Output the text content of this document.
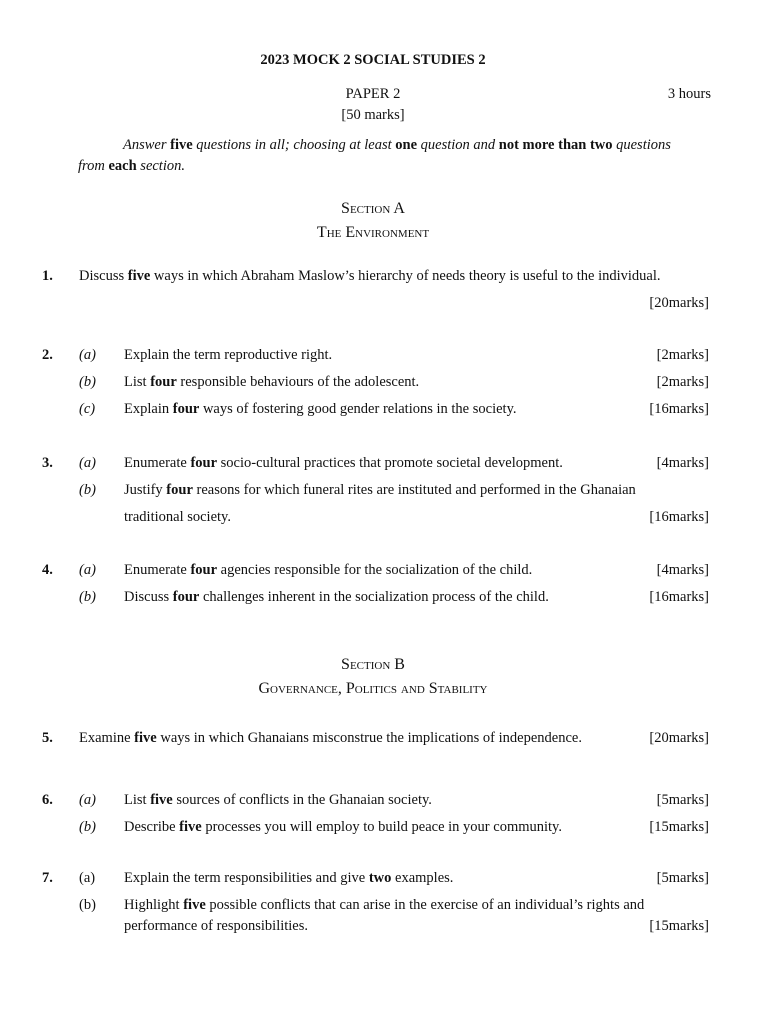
2023 MOCK 2 SOCIAL STUDIES 2
PAPER 2	3 hours
[50 marks]
Answer five questions in all; choosing at least one question and not more than two questions
from each section.
Section A
The Environment
1. Discuss five ways in which Abraham Maslow’s hierarchy of needs theory is useful to the individual.
[20marks]
2. (a) Explain the term reproductive right.	[2marks]
(b) List four responsible behaviours of the adolescent.	[2marks]
(c) Explain four ways of fostering good gender relations in the society.	[16marks]
3. (a) Enumerate four socio-cultural practices that promote societal development.	[4marks]
(b) Justify four reasons for which funeral rites are instituted and performed in the Ghanaian
traditional society.	[16marks]
4. (a) Enumerate four agencies responsible for the socialization of the child.	[4marks]
(b) Discuss four challenges inherent in the socialization process of the child.	[16marks]
Section B
Governance, Politics and Stability
5. Examine five ways in which Ghanaians misconstrue the implications of independence.	[20marks]
6. (a) List five sources of conflicts in the Ghanaian society.	[5marks]
(b) Describe five processes you will employ to build peace in your community.	[15marks]
7. (a) Explain the term responsibilities and give two examples.	[5marks]
(b) Highlight five possible conflicts that can arise in the exercise of an individual’s rights and
performance of responsibilities.	[15marks]
